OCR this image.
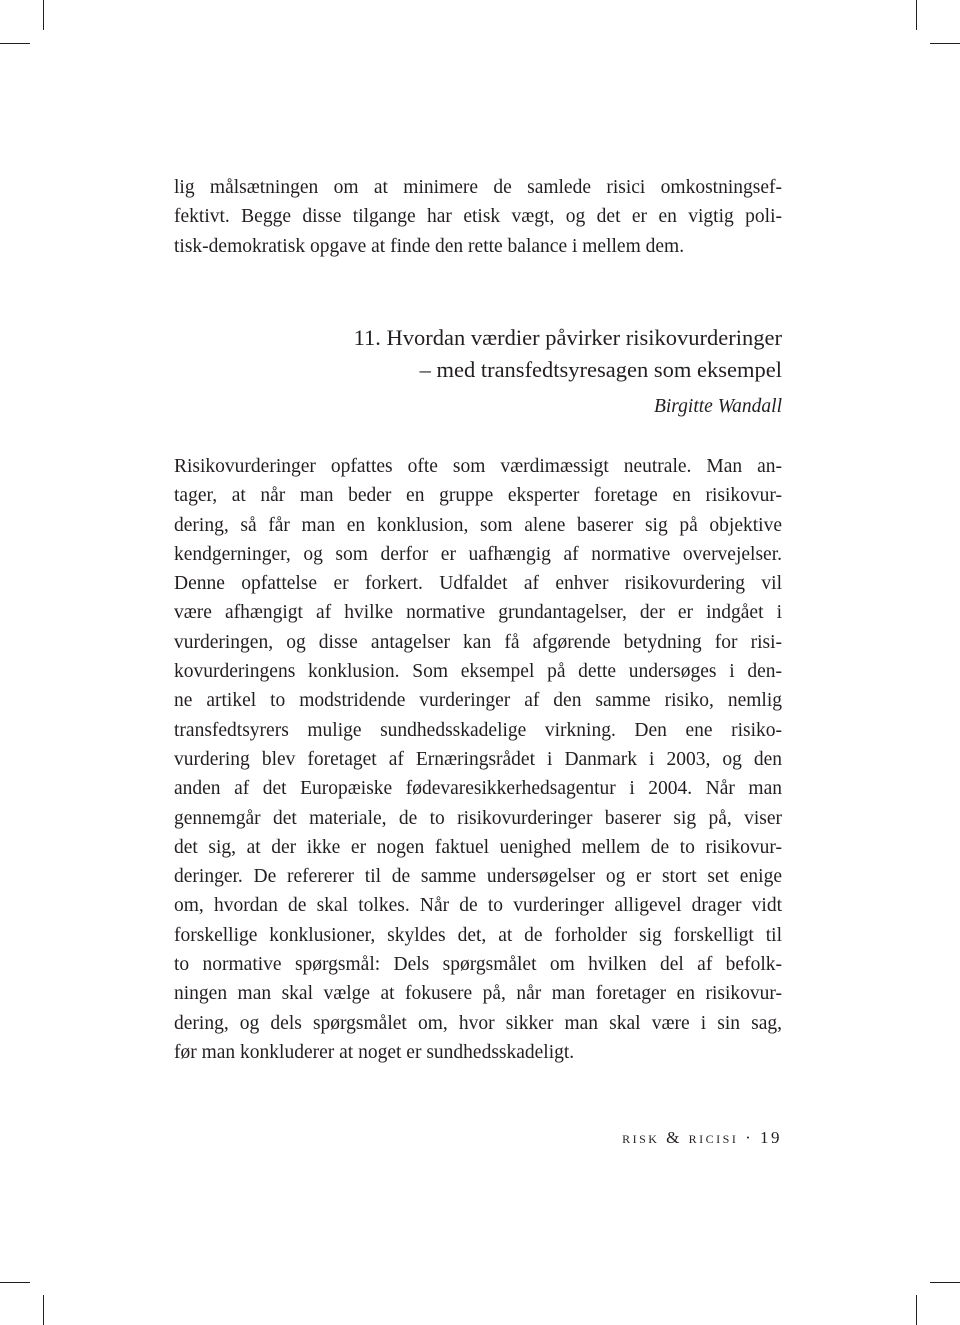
lig målsætningen om at minimere de samlede risici omkostningsef-
fektivt. Begge disse tilgange har etisk vægt, og det er en vigtig poli-
tisk-demokratisk opgave at finde den rette balance i mellem dem.
11. Hvordan værdier påvirker risikovurderinger
– med transfedtsyresagen som eksempel
Birgitte Wandall
Risikovurderinger opfattes ofte som værdimæssigt neutrale. Man an-
tager, at når man beder en gruppe eksperter foretage en risikovur-
dering, så får man en konklusion, som alene baserer sig på objektive
kendgerninger, og som derfor er uafhængig af normative overvejelser.
Denne opfattelse er forkert. Udfaldet af enhver risikovurdering vil
være afhængigt af hvilke normative grundantagelser, der er indgået i
vurderingen, og disse antagelser kan få afgørende betydning for risi-
kovurderingens konklusion. Som eksempel på dette undersøges i den-
ne artikel to modstridende vurderinger af den samme risiko, nemlig
transfedtsyrers mulige sundhedsskadelige virkning. Den ene risiko-
vurdering blev foretaget af Ernæringsrådet i Danmark i 2003, og den
anden af det Europæiske fødevaresikkerhedsagentur i 2004. Når man
gennemgår det materiale, de to risikovurderinger baserer sig på, viser
det sig, at der ikke er nogen faktuel uenighed mellem de to risikovur-
deringer. De refererer til de samme undersøgelser og er stort set enige
om, hvordan de skal tolkes. Når de to vurderinger alligevel drager vidt
forskellige konklusioner, skyldes det, at de forholder sig forskelligt til
to normative spørgsmål: Dels spørgsmålet om hvilken del af befolk-
ningen man skal vælge at fokusere på, når man foretager en risikovur-
dering, og dels spørgsmålet om, hvor sikker man skal være i sin sag,
før man konkluderer at noget er sundhedsskadeligt.
risk & ricisi · 19
